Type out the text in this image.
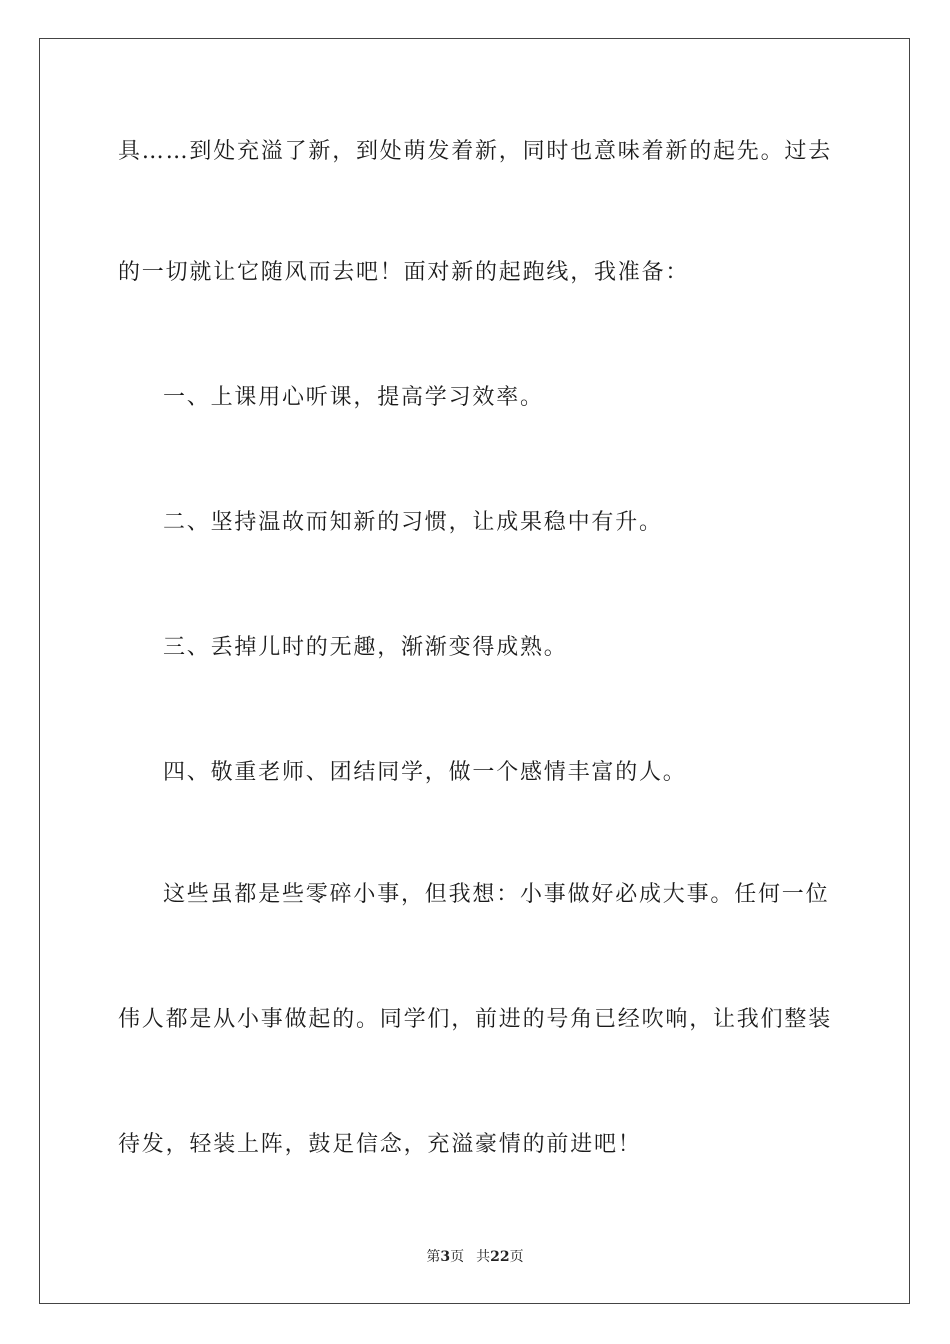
具……到处充溢了新，到处萌发着新，同时也意味着新的起先。过去
的一切就让它随风而去吧！面对新的起跑线，我准备：
一、上课用心听课，提高学习效率。
二、坚持温故而知新的习惯，让成果稳中有升。
三、丢掉儿时的无趣，渐渐变得成熟。
四、敬重老师、团结同学，做一个感情丰富的人。
这些虽都是些零碎小事，但我想：小事做好必成大事。任何一位
伟人都是从小事做起的。同学们，前进的号角已经吹响，让我们整装
待发，轻装上阵，鼓足信念，充溢豪情的前进吧！
第3页 共22页
